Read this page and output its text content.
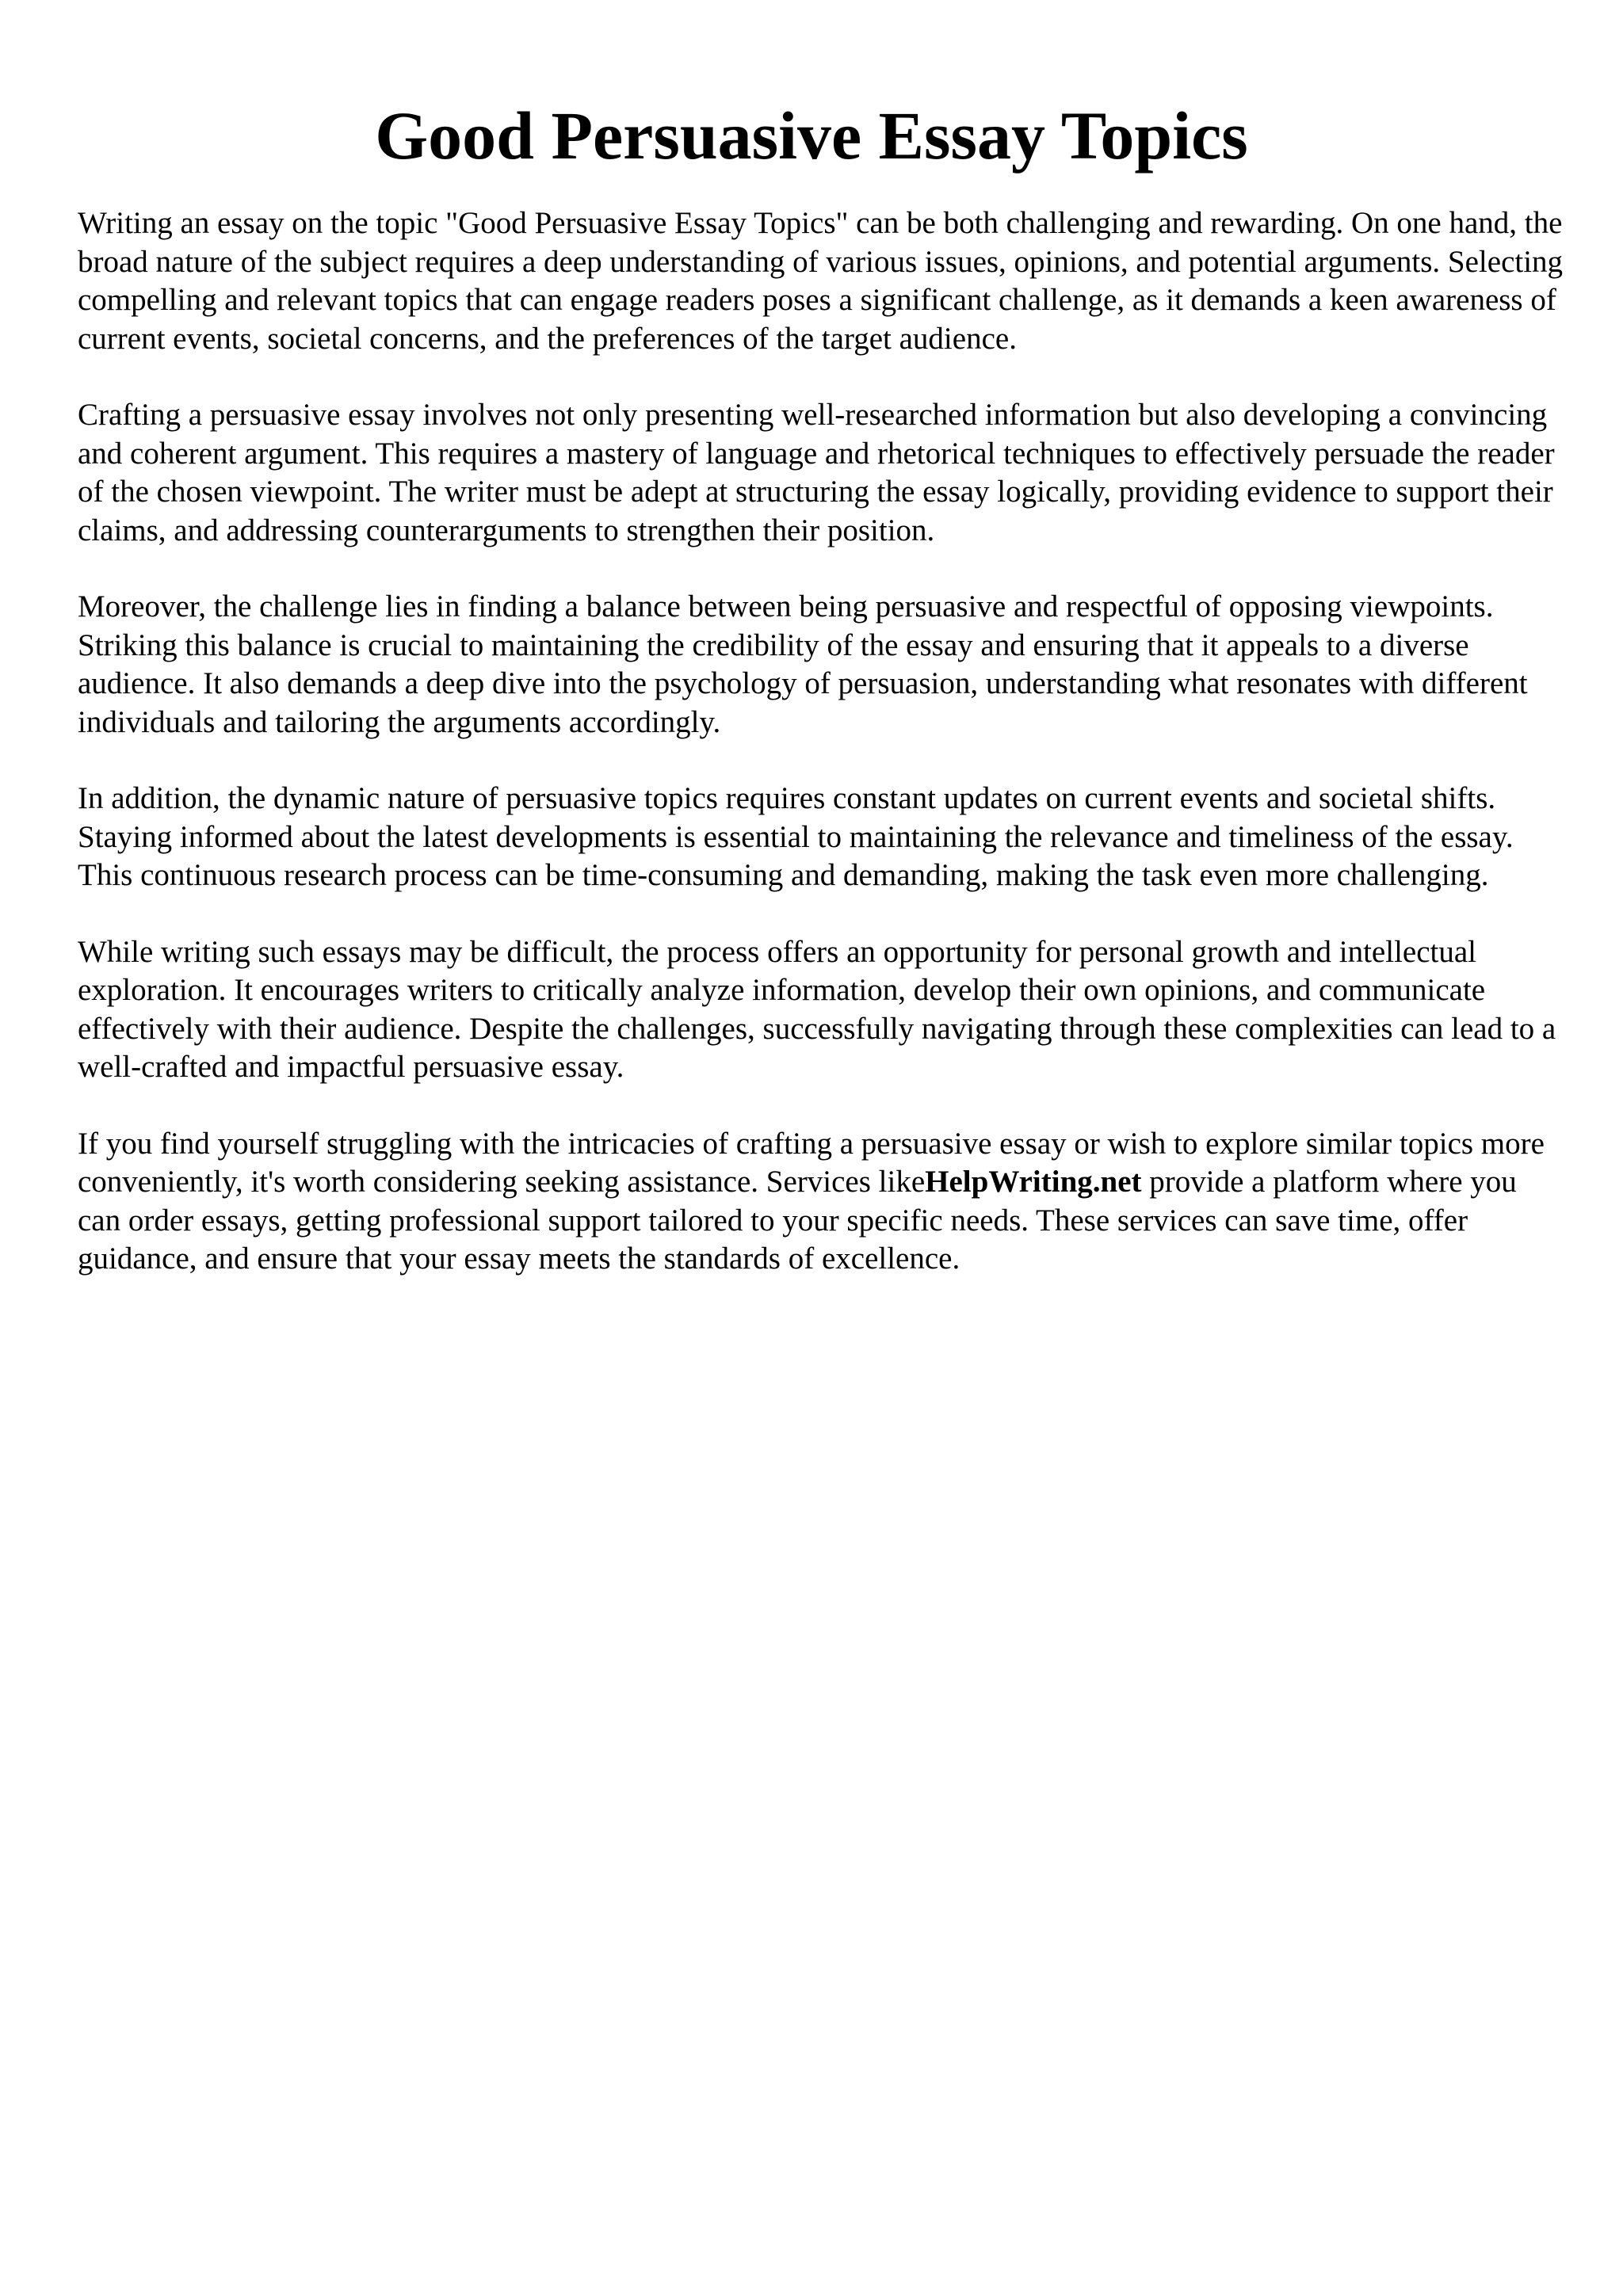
Good Persuasive Essay Topics

Writing an essay on the topic "Good Persuasive Essay Topics" can be both challenging and rewarding. On one hand, the broad nature of the subject requires a deep understanding of various issues, opinions, and potential arguments. Selecting compelling and relevant topics that can engage readers poses a significant challenge, as it demands a keen awareness of current events, societal concerns, and the preferences of the target audience.

Crafting a persuasive essay involves not only presenting well-researched information but also developing a convincing and coherent argument. This requires a mastery of language and rhetorical techniques to effectively persuade the reader of the chosen viewpoint. The writer must be adept at structuring the essay logically, providing evidence to support their claims, and addressing counterarguments to strengthen their position.

Moreover, the challenge lies in finding a balance between being persuasive and respectful of opposing viewpoints. Striking this balance is crucial to maintaining the credibility of the essay and ensuring that it appeals to a diverse audience. It also demands a deep dive into the psychology of persuasion, understanding what resonates with different individuals and tailoring the arguments accordingly.

In addition, the dynamic nature of persuasive topics requires constant updates on current events and societal shifts. Staying informed about the latest developments is essential to maintaining the relevance and timeliness of the essay. This continuous research process can be time-consuming and demanding, making the task even more challenging.

While writing such essays may be difficult, the process offers an opportunity for personal growth and intellectual exploration. It encourages writers to critically analyze information, develop their own opinions, and communicate effectively with their audience. Despite the challenges, successfully navigating through these complexities can lead to a well-crafted and impactful persuasive essay.

If you find yourself struggling with the intricacies of crafting a persuasive essay or wish to explore similar topics more conveniently, it's worth considering seeking assistance. Services likeHelpWriting.net provide a platform where you can order essays, getting professional support tailored to your specific needs. These services can save time, offer guidance, and ensure that your essay meets the standards of excellence.
